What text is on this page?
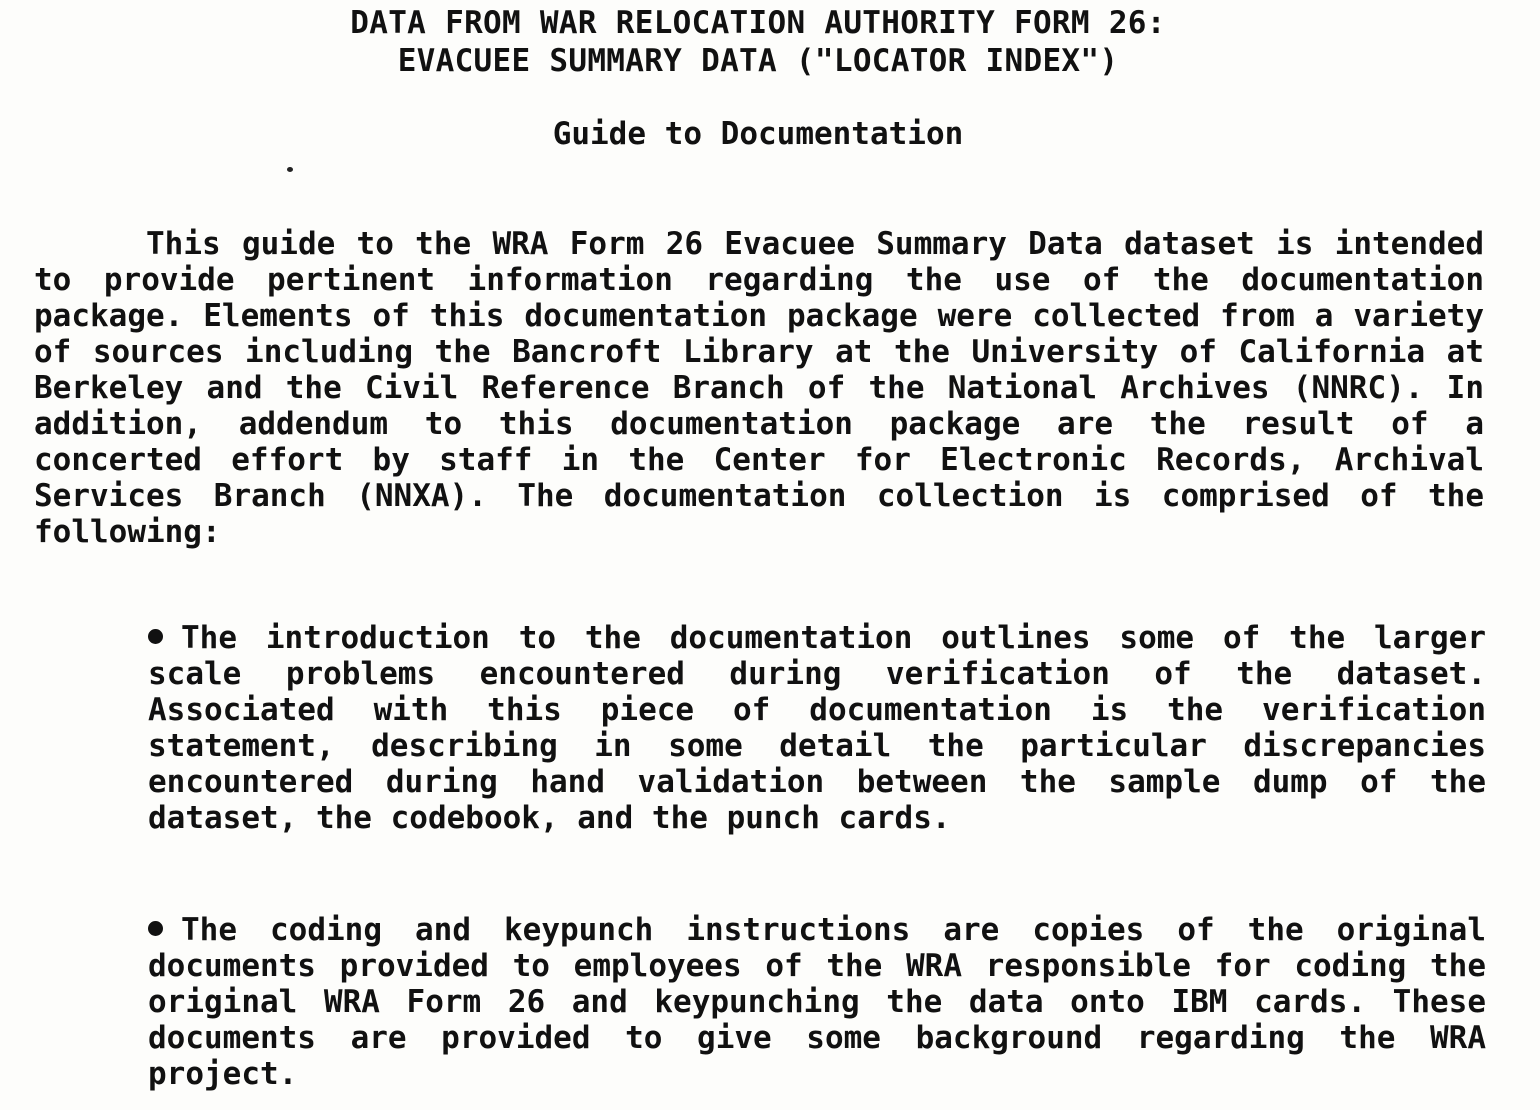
DATA FROM WAR RELOCATION AUTHORITY FORM 26:
EVACUEE SUMMARY DATA ("LOCATOR INDEX")
Guide to Documentation
This guide to the WRA Form 26 Evacuee Summary Data dataset is intended to provide pertinent information regarding the use of the documentation package. Elements of this documentation package were collected from a variety of sources including the Bancroft Library at the University of California at Berkeley and the Civil Reference Branch of the National Archives (NNRC). In addition, addendum to this documentation package are the result of a concerted effort by staff in the Center for Electronic Records, Archival Services Branch (NNXA). The documentation collection is comprised of the following:
The introduction to the documentation outlines some of the larger scale problems encountered during verification of the dataset. Associated with this piece of documentation is the verification statement, describing in some detail the particular discrepancies encountered during hand validation between the sample dump of the dataset, the codebook, and the punch cards.
The coding and keypunch instructions are copies of the original documents provided to employees of the WRA responsible for coding the original WRA Form 26 and keypunching the data onto IBM cards. These documents are provided to give some background regarding the WRA project.
